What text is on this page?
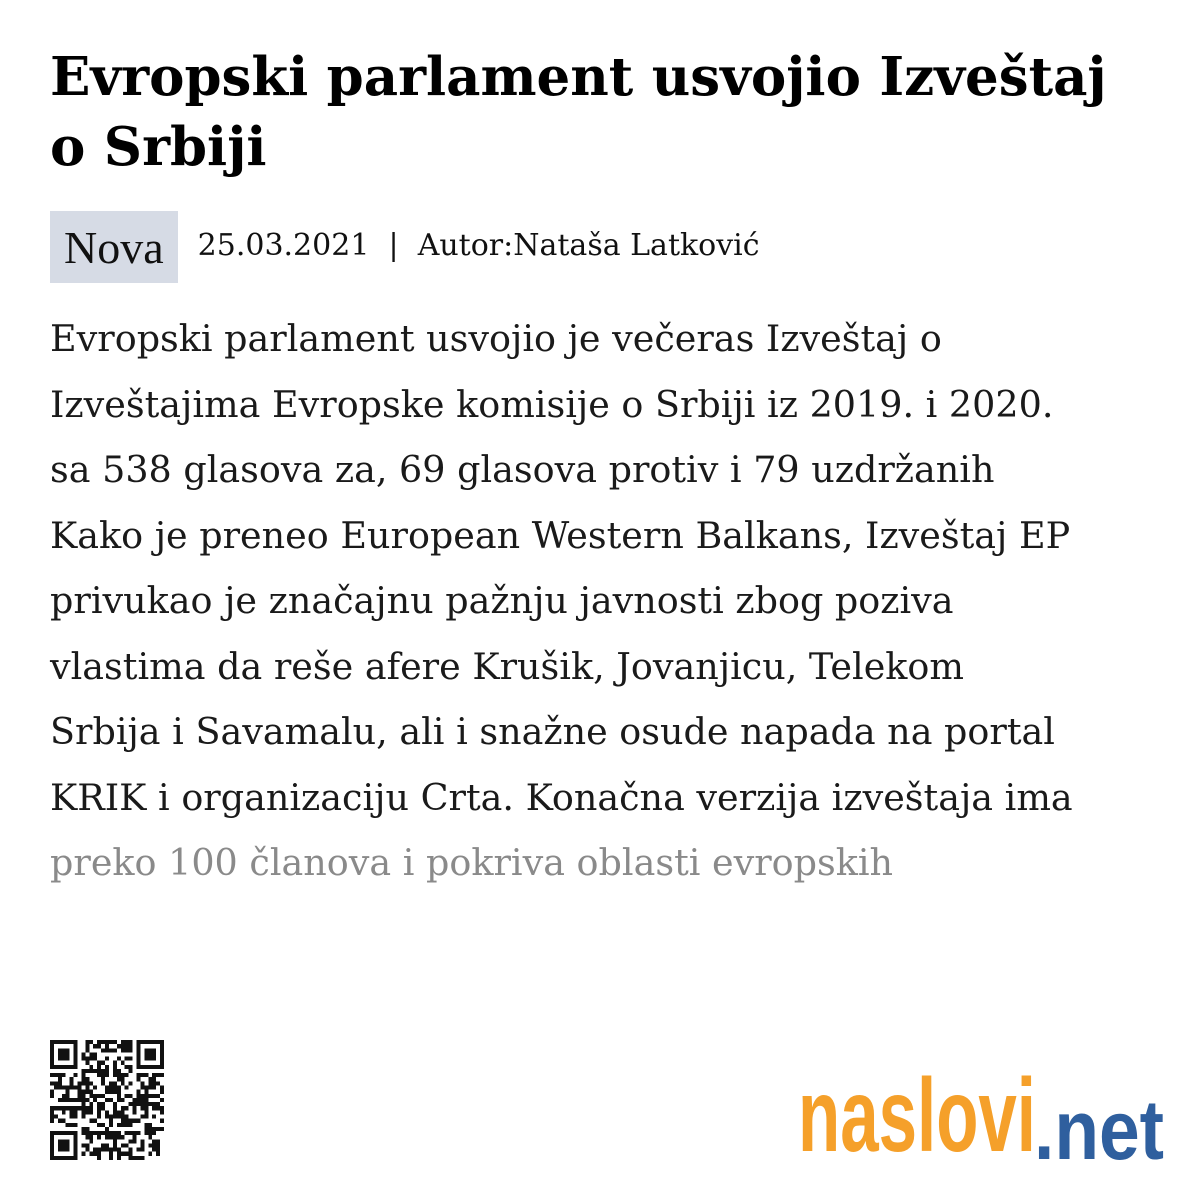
Evropski parlament usvojio Izveštaj o Srbiji
Nova	25.03.2021 | Autor:Nataša Latković
Evropski parlament usvojio je večeras Izveštaj o
Izveštajima Evropske komisije o Srbiji iz 2019. i 2020.
sa 538 glasova za, 69 glasova protiv i 79 uzdržanih
Kako je preneo European Western Balkans, Izveštaj EP
privukao je značajnu pažnju javnosti zbog poziva
vlastima da reše afere Krušik, Jovanjicu, Telekom
Srbija i Savamalu, ali i snažne osude napada na portal
KRIK i organizaciju Crta. Konačna verzija izveštaja ima
preko 100 članova i pokriva oblasti evropskih
naslovi
.net
